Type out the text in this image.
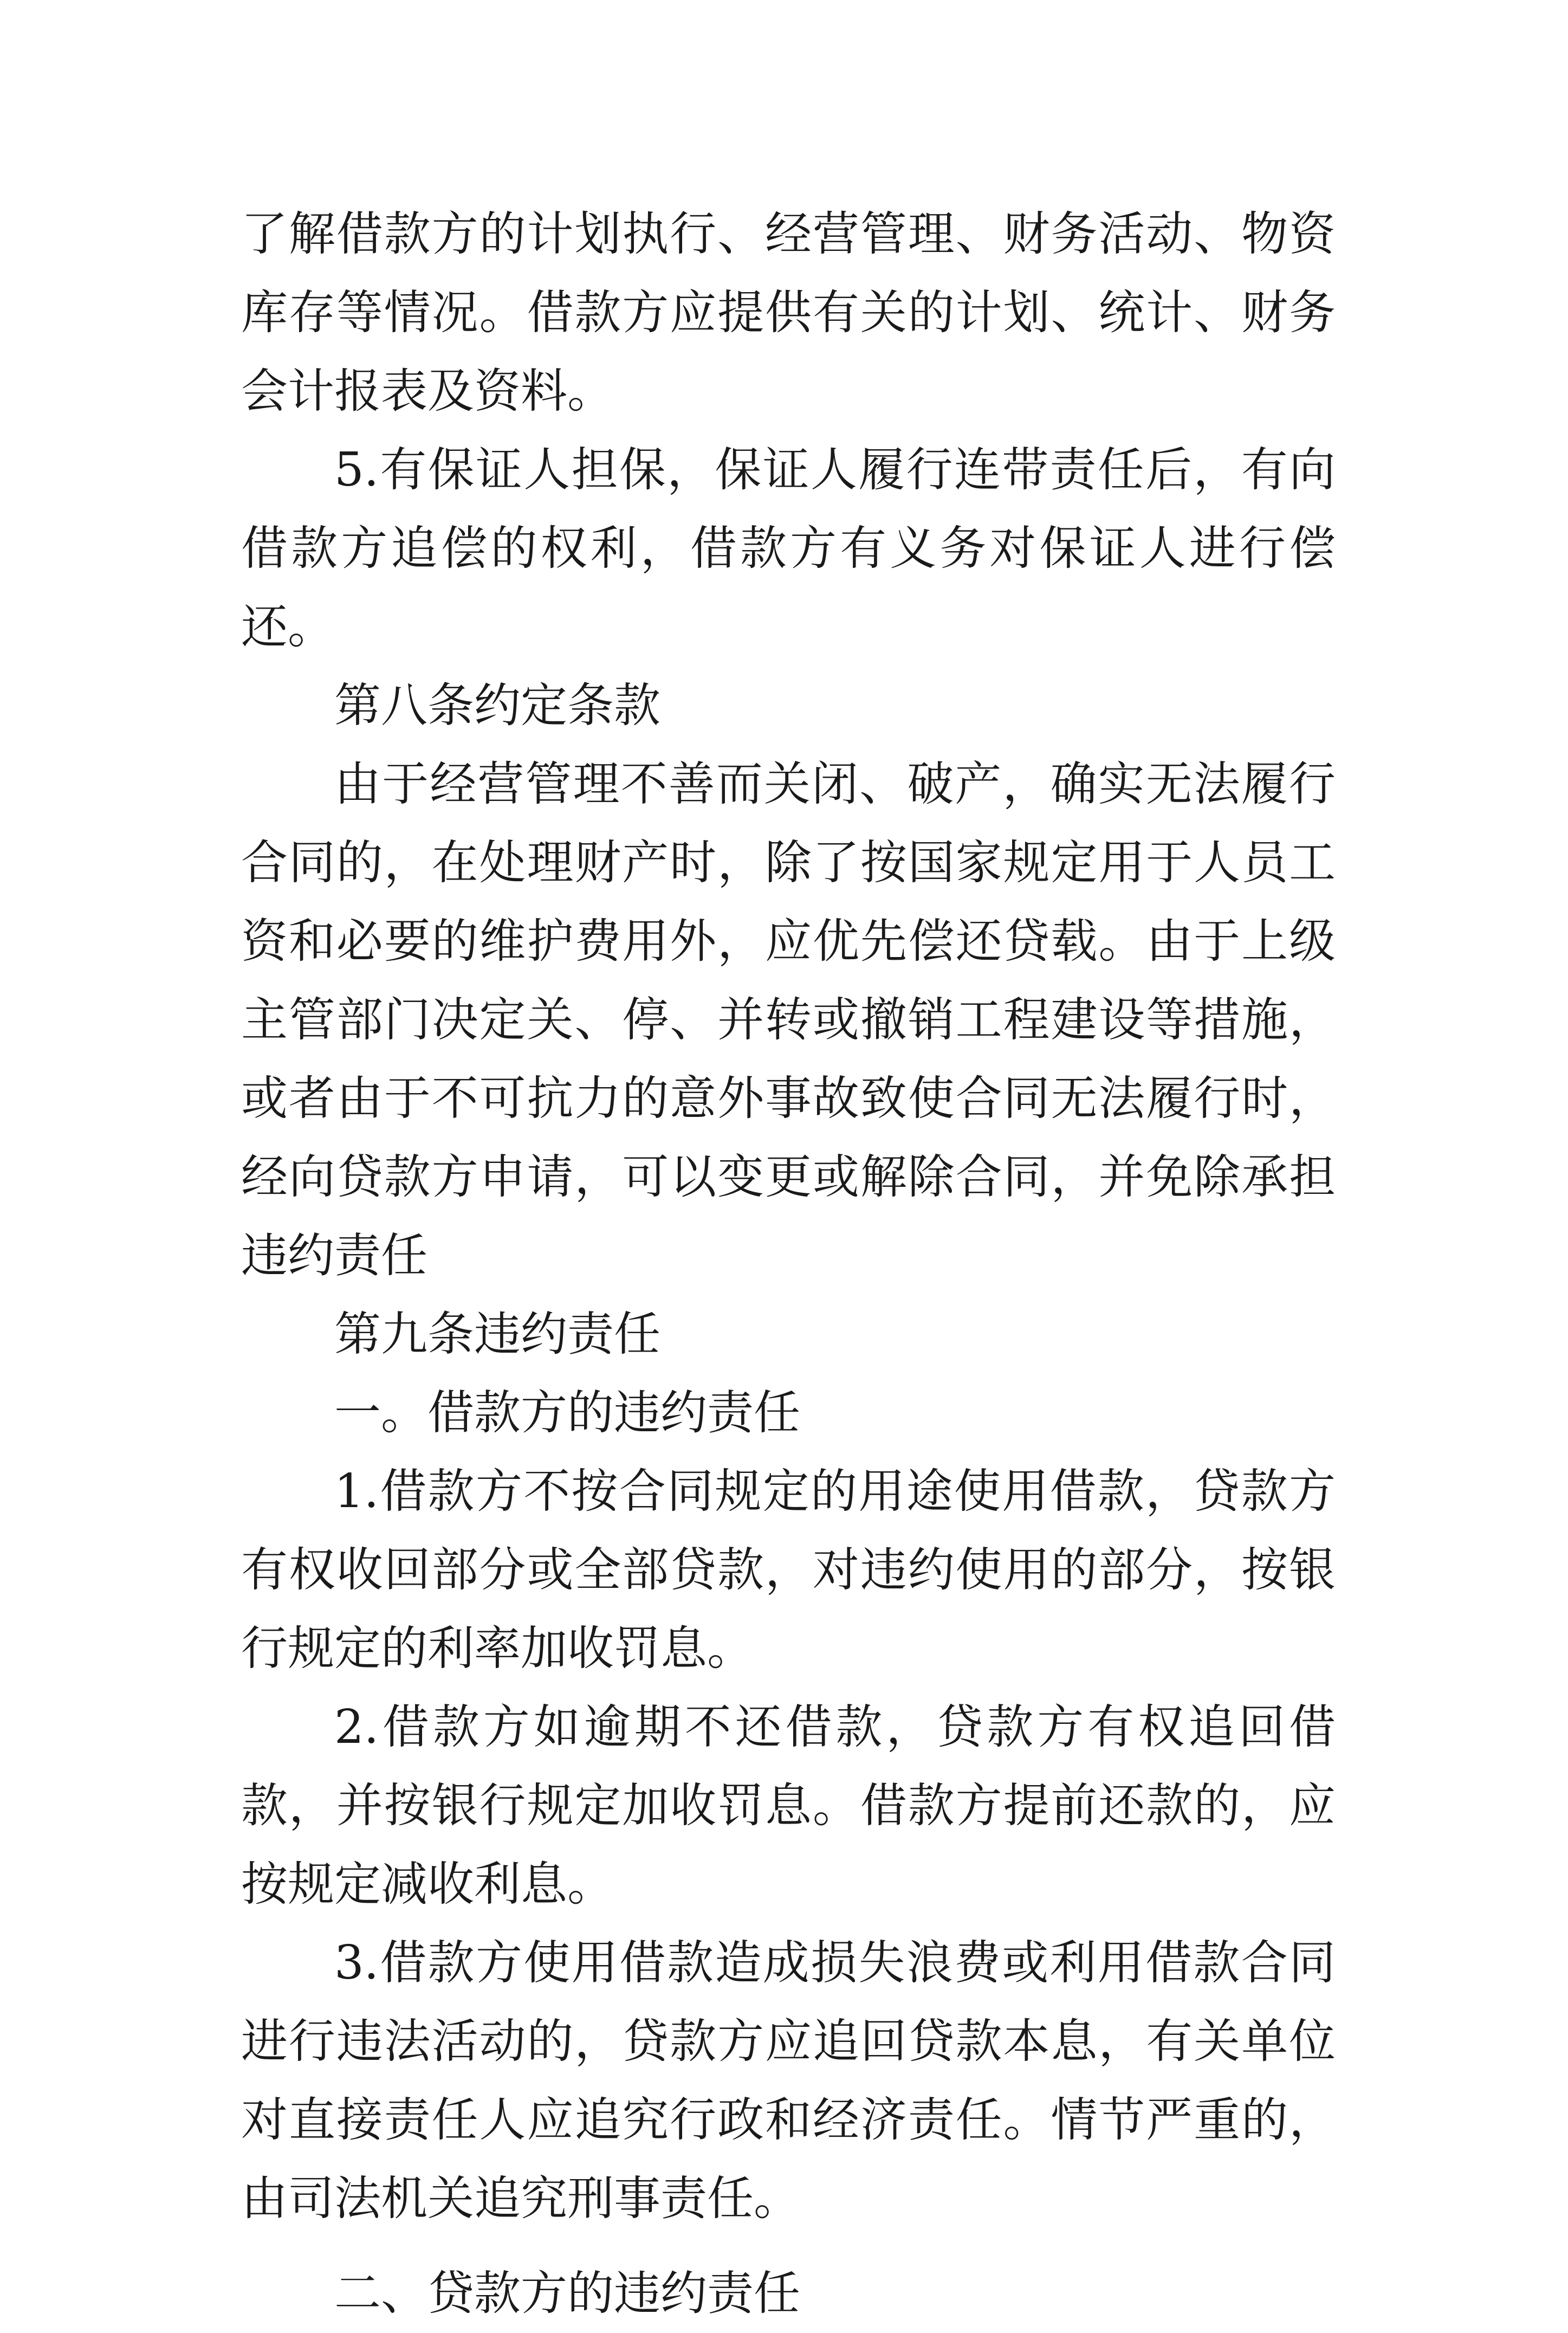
了解借款方的计划执行、经营管理、财务活动、物资库存等情况。借款方应提供有关的计划、统计、财务会计报表及资料。

5.有保证人担保，保证人履行连带责任后，有向借款方追偿的权利，借款方有义务对保证人进行偿还。

第八条约定条款

由于经营管理不善而关闭、破产，确实无法履行合同的，在处理财产时，除了按国家规定用于人员工资和必要的维护费用外，应优先偿还贷载。由于上级主管部门决定关、停、并转或撤销工程建设等措施，或者由于不可抗力的意外事故致使合同无法履行时，经向贷款方申请，可以变更或解除合同，并免除承担违约责任

第九条违约责任

一。借款方的违约责任

1.借款方不按合同规定的用途使用借款，贷款方有权收回部分或全部贷款，对违约使用的部分，按银行规定的利率加收罚息。

2.借款方如逾期不还借款，贷款方有权追回借款，并按银行规定加收罚息。借款方提前还款的，应按规定减收利息。

3.借款方使用借款造成损失浪费或利用借款合同进行违法活动的，贷款方应追回贷款本息，有关单位对直接责任人应追究行政和经济责任。情节严重的，由司法机关追究刑事责任。

二、贷款方的违约责任
